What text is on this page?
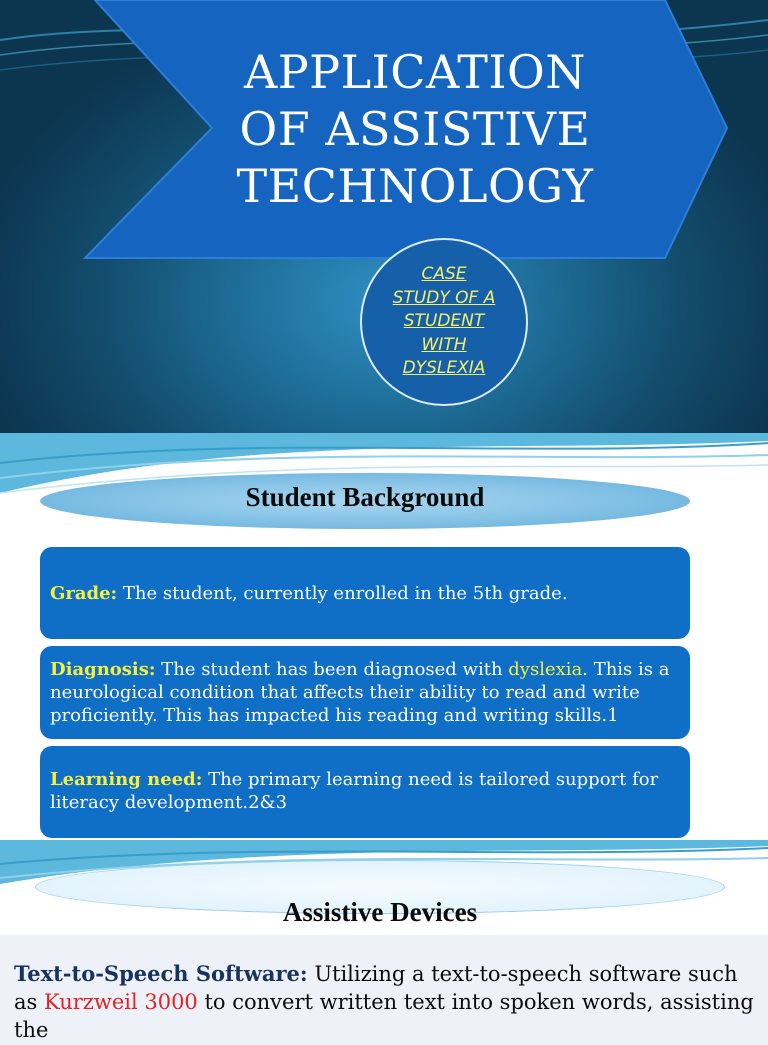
APPLICATION
OF ASSISTIVE
TECHNOLOGY
CASE
STUDY OF A
STUDENT
WITH
DYSLEXIA
Student Background
Grade: The student, currently enrolled in the 5th grade.
Diagnosis: The student has been diagnosed with dyslexia. This is a neurological condition that affects their ability to read and write proficiently. This has impacted his reading and writing skills.1
Learning need: The primary learning need is tailored support for literacy development.2&3
Assistive Devices
Text-to-Speech Software: Utilizing a text-to-speech software such as Kurzweil 3000 to convert written text into spoken words, assisting the
